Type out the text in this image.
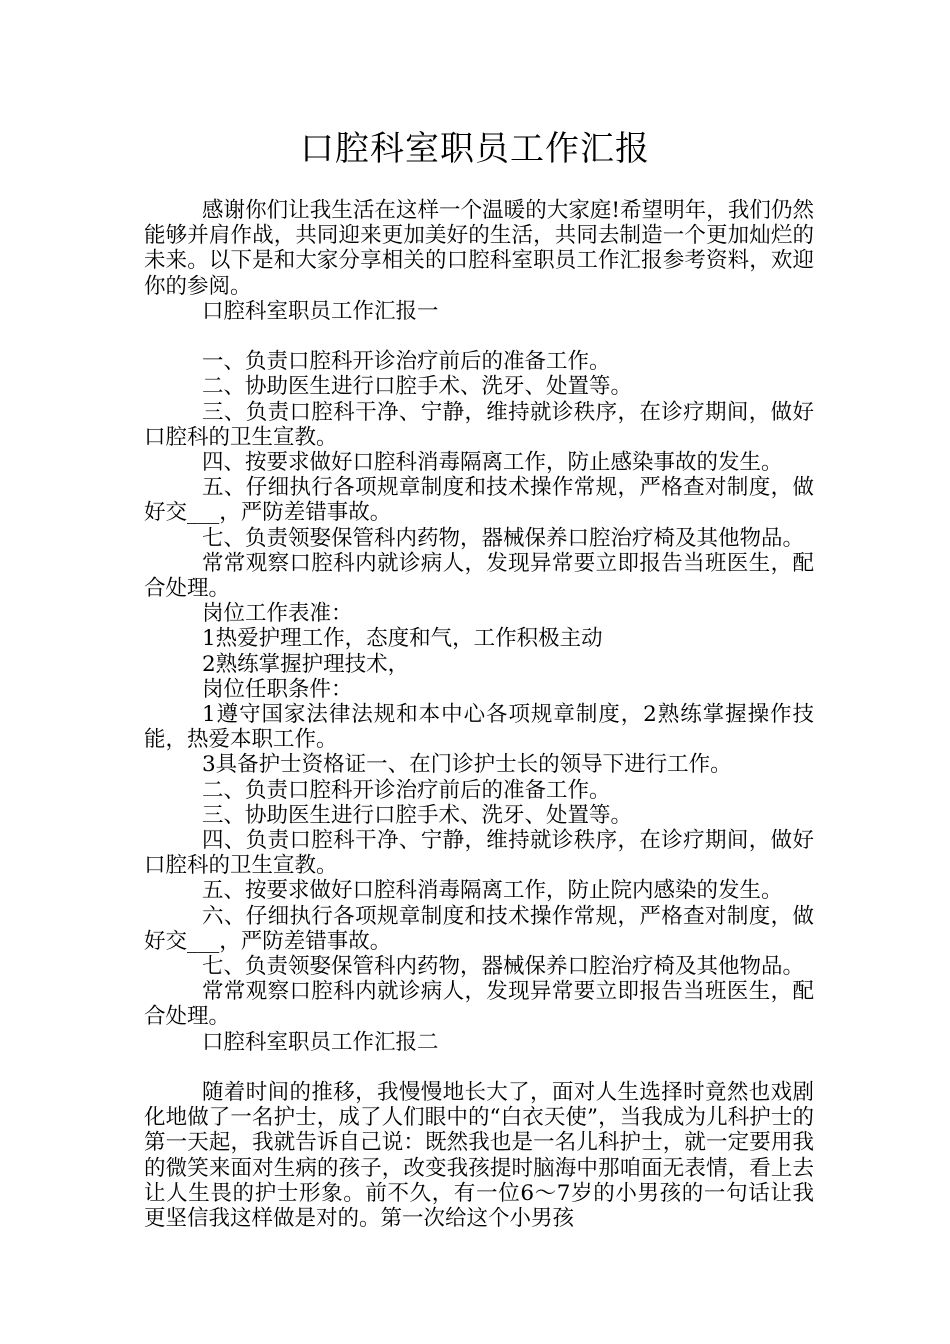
口腔科室职员工作汇报

感谢你们让我生活在这样一个温暖的大家庭!希望明年，我们仍然能够并肩作战，共同迎来更加美好的生活，共同去制造一个更加灿烂的未来。以下是和大家分享相关的口腔科室职员工作汇报参考资料，欢迎你的参阅。

口腔科室职员工作汇报一

一、负责口腔科开诊治疗前后的准备工作。

二、协助医生进行口腔手术、洗牙、处置等。

三、负责口腔科干净、宁静，维持就诊秩序，在诊疗期间，做好口腔科的卫生宣教。

四、按要求做好口腔科消毒隔离工作，防止感染事故的发生。

五、仔细执行各项规章制度和技术操作常规，严格查对制度，做好交___，严防差错事故。

七、负责领娶保管科内药物，器械保养口腔治疗椅及其他物品。

常常观察口腔科内就诊病人，发现异常要立即报告当班医生，配合处理。

岗位工作表准：

1热爱护理工作，态度和气，工作积极主动

2熟练掌握护理技术，

岗位任职条件：

1遵守国家法律法规和本中心各项规章制度，2熟练掌握操作技能，热爱本职工作。

3具备护士资格证一、在门诊护士长的领导下进行工作。

二、负责口腔科开诊治疗前后的准备工作。

三、协助医生进行口腔手术、洗牙、处置等。

四、负责口腔科干净、宁静，维持就诊秩序，在诊疗期间，做好口腔科的卫生宣教。

五、按要求做好口腔科消毒隔离工作，防止院内感染的发生。

六、仔细执行各项规章制度和技术操作常规，严格查对制度，做好交___，严防差错事故。

七、负责领娶保管科内药物，器械保养口腔治疗椅及其他物品。

常常观察口腔科内就诊病人，发现异常要立即报告当班医生，配合处理。

口腔科室职员工作汇报二

随着时间的推移，我慢慢地长大了，面对人生选择时竟然也戏剧化地做了一名护士，成了人们眼中的“白衣天使”，当我成为儿科护士的第一天起，我就告诉自己说：既然我也是一名儿科护士，就一定要用我的微笑来面对生病的孩子，改变我孩提时脑海中那咱面无表情，看上去让人生畏的护士形象。前不久，有一位6～7岁的小男孩的一句话让我更坚信我这样做是对的。第一次给这个小男孩
